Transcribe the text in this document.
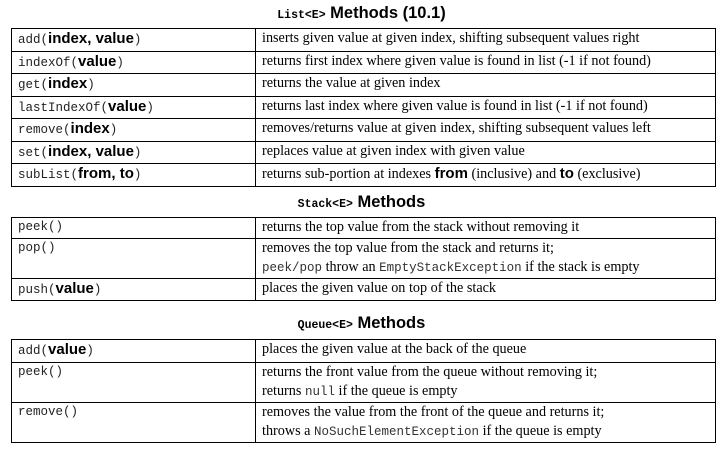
List<E> Methods (10.1)
add(index, value)	inserts given value at given index, shifting subsequent values right
indexOf(value)	returns first index where given value is found in list (-1 if not found)
get(index)	returns the value at given index
lastIndexOf(value)	returns last index where given value is found in list (-1 if not found)
remove(index)	removes/returns value at given index, shifting subsequent values left
set(index, value)	replaces value at given index with given value
subList(from, to)	returns sub-portion at indexes from (inclusive) and to (exclusive)
Stack<E> Methods
peek()	returns the top value from the stack without removing it
pop()	removes the top value from the stack and returns it;
peek/pop throw an EmptyStackException if the stack is empty

push(value)	places the given value on top of the stack
Queue<E> Methods
add(value)	places the given value at the back of the queue
peek()	returns the front value from the queue without removing it;
returns null if the queue is empty

remove()	removes the value from the front of the queue and returns it;
throws a NoSuchElementException if the queue is empty
